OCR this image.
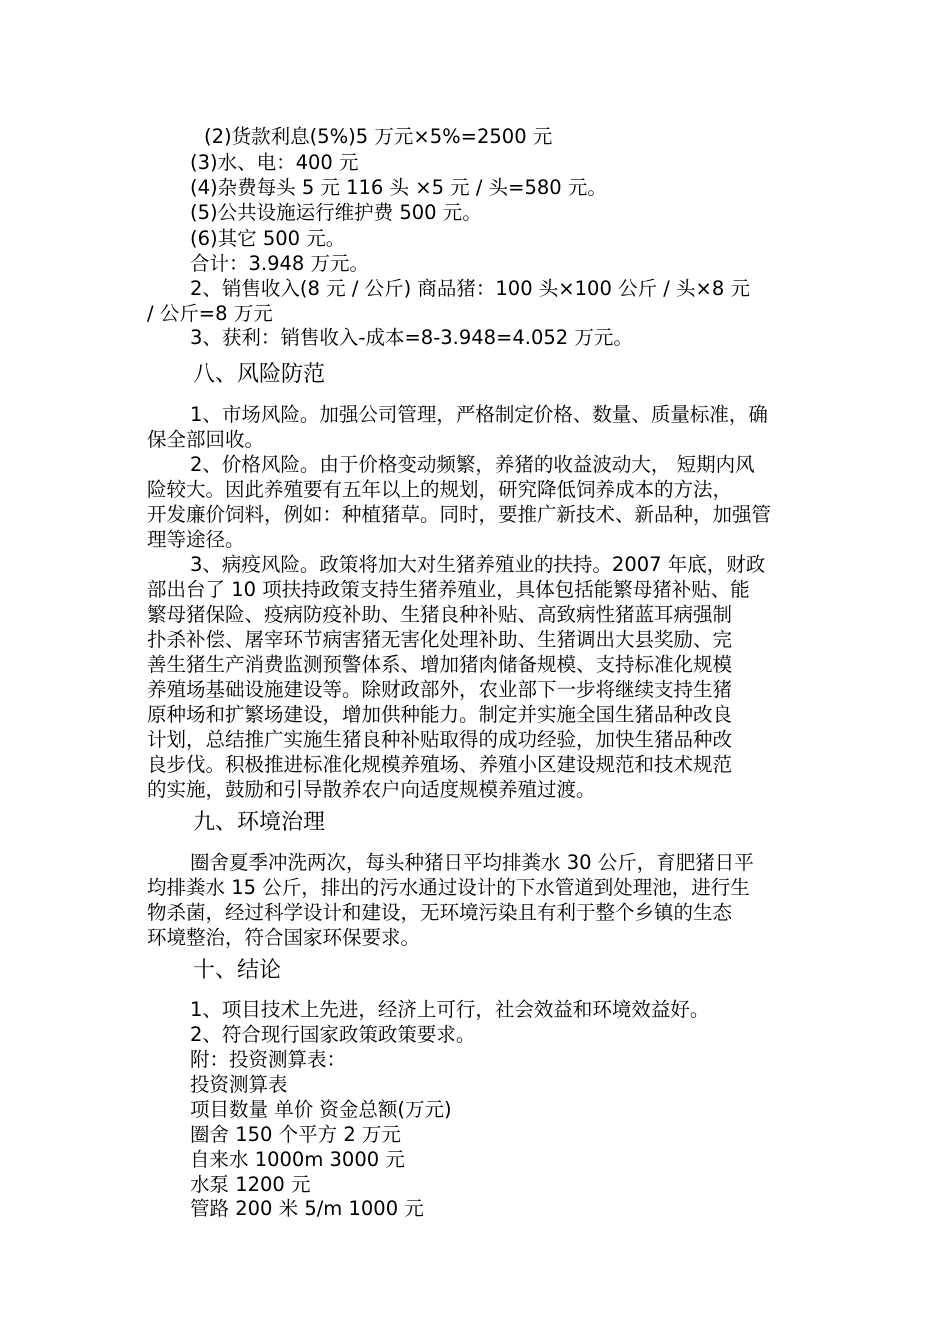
(2)货款利息(5%)5 万元×5%=2500 元
(3)水、电：400 元
(4)杂费每头 5 元 116 头 ×5 元 / 头=580 元。
(5)公共设施运行维护费 500 元。
(6)其它 500 元。
合计：3.948 万元。
2、销售收入(8 元 / 公斤) 商品猪：100 头×100 公斤 / 头×8 元
/ 公斤=8 万元
3、获利：销售收入-成本=8-3.948=4.052 万元。
八、风险防范
1、市场风险。加强公司管理，严格制定价格、数量、质量标准，确
保全部回收。
2、价格风险。由于价格变动频繁，养猪的收益波动大， 短期内风
险较大。因此养殖要有五年以上的规划，研究降低饲养成本的方法，
开发廉价饲料，例如：种植猪草。同时，要推广新技术、新品种，加强管
理等途径。
3、病疫风险。政策将加大对生猪养殖业的扶持。2007 年底，财政
部出台了 10 项扶持政策支持生猪养殖业，具体包括能繁母猪补贴、能
繁母猪保险、疫病防疫补助、生猪良种补贴、高致病性猪蓝耳病强制
扑杀补偿、屠宰环节病害猪无害化处理补助、生猪调出大县奖励、完
善生猪生产消费监测预警体系、增加猪肉储备规模、支持标准化规模
养殖场基础设施建设等。除财政部外，农业部下一步将继续支持生猪
原种场和扩繁场建设，增加供种能力。制定并实施全国生猪品种改良
计划，总结推广实施生猪良种补贴取得的成功经验，加快生猪品种改
良步伐。积极推进标准化规模养殖场、养殖小区建设规范和技术规范
的实施，鼓励和引导散养农户向适度规模养殖过渡。
九、环境治理
圈舍夏季冲洗两次，每头种猪日平均排粪水 30 公斤，育肥猪日平
均排粪水 15 公斤，排出的污水通过设计的下水管道到处理池，进行生
物杀菌，经过科学设计和建设，无环境污染且有利于整个乡镇的生态
环境整治，符合国家环保要求。
十、结论
1、项目技术上先进，经济上可行，社会效益和环境效益好。
2、符合现行国家政策政策要求。
附：投资测算表：
投资测算表
项目数量 单价 资金总额(万元)
圈舍 150 个平方 2 万元
自来水 1000m 3000 元
水泵 1200 元
管路 200 米 5/m 1000 元
